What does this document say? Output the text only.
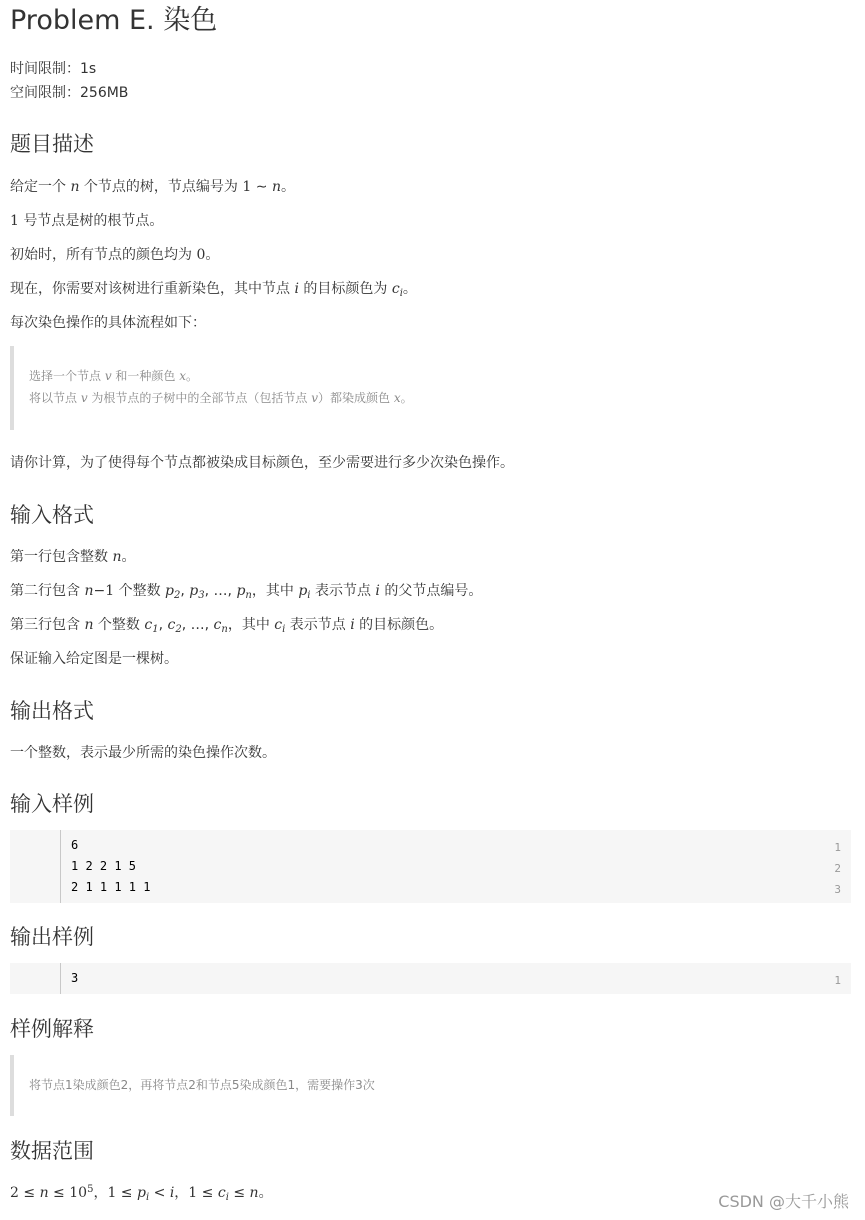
Problem E. 染色
时间限制：1s
空间限制：256MB
题目描述

给定一个 n 个节点的树，节点编号为 1 ∼ n。

1 号节点是树的根节点。

初始时，所有节点的颜色均为 0。

现在，你需要对该树进行重新染色，其中节点 i 的目标颜色为 $c_i$。

每次染色操作的具体流程如下：

选择一个节点 v 和一种颜色 x。
将以节点 v 为根节点的子树中的全部节点（包括节点 v）都染成颜色 x。

请你计算，为了使得每个节点都被染成目标颜色，至少需要进行多少次染色操作。

输入格式

第一行包含整数 n。

第二行包含 n−1 个整数 $p_2$, $p_3$, …, $p_n$，其中 $p_i$ 表示节点 i 的父节点编号。

第三行包含 n 个整数 $c_1$, $c_2$, …, $c_n$，其中 $c_i$ 表示节点 i 的目标颜色。

保证输入给定图是一棵树。

输出格式

一个整数，表示最少所需的染色操作次数。

输入样例
1
2
3
6
1 2 2 1 5
2 1 1 1 1 1
输出样例
1
3
样例解释
将节点1染成颜色2，再将节点2和节点5染成颜色1，需要操作3次
数据范围

$2 \le n \le 10^5$，$1 \le p_i < i$，$1 \le c_i \le n$。	CSDN @大千小熊
